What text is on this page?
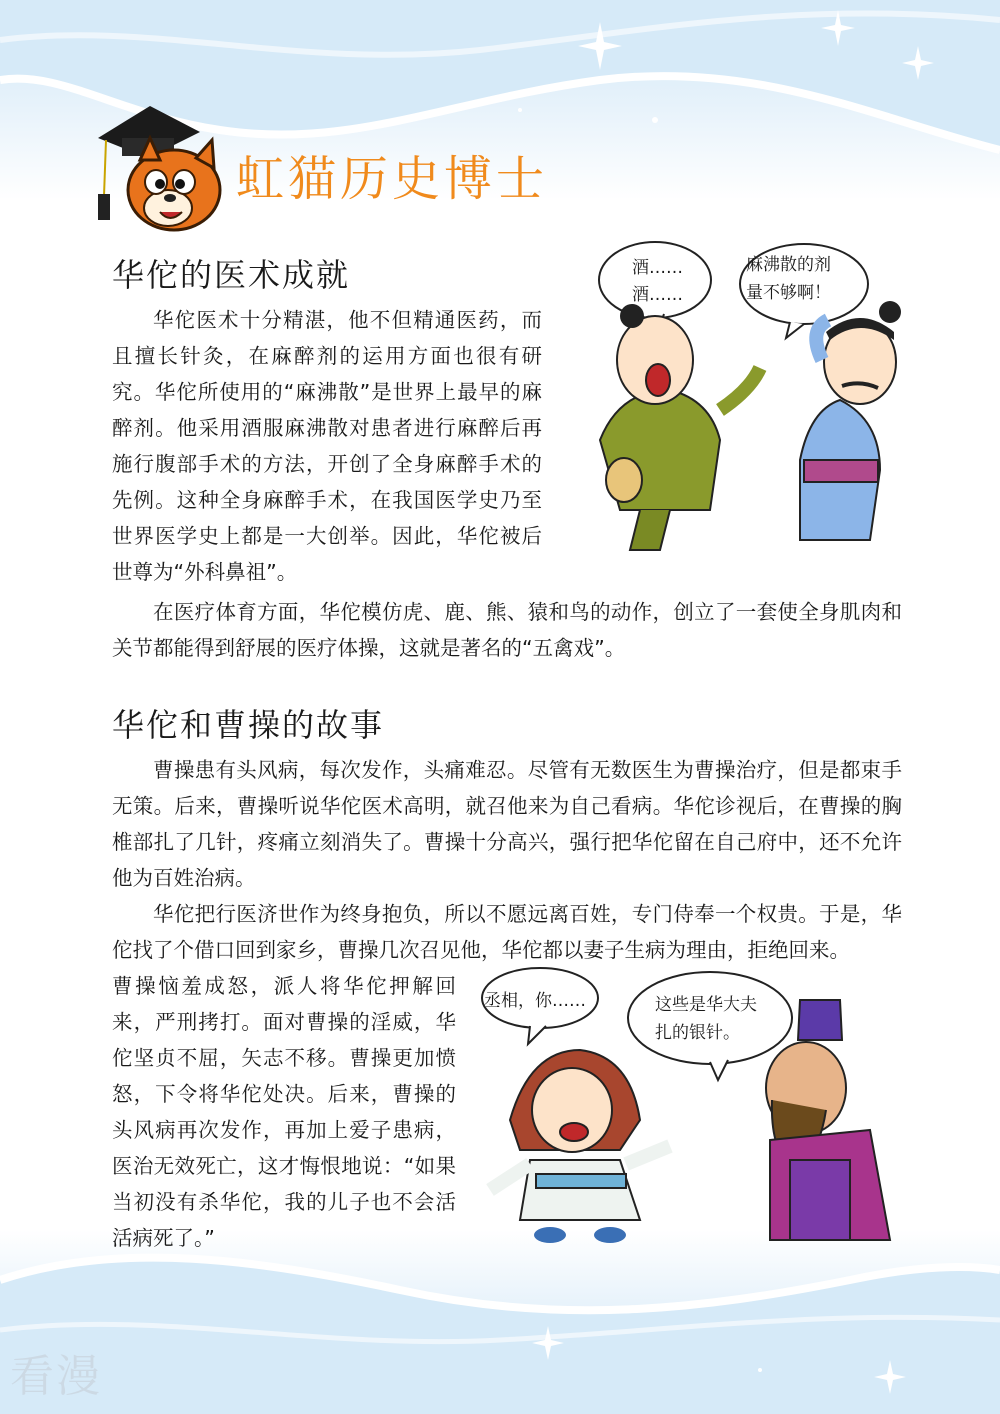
虹猫历史博士
华佗的医术成就

华佗医术十分精湛，他不但精通医药，而且擅长针灸，在麻醉剂的运用方面也很有研究。华佗所使用的“麻沸散”是世界上最早的麻醉剂。他采用酒服麻沸散对患者进行麻醉后再施行腹部手术的方法，开创了全身麻醉手术的先例。这种全身麻醉手术，在我国医学史乃至世界医学史上都是一大创举。因此，华佗被后世尊为“外科鼻祖”。

在医疗体育方面，华佗模仿虎、鹿、熊、猿和鸟的动作，创立了一套使全身肌肉和关节都能得到舒展的医疗体操，这就是著名的“五禽戏”。

酒……
酒……
麻沸散的剂
量不够啊！
华佗和曹操的故事

曹操患有头风病，每次发作，头痛难忍。尽管有无数医生为曹操治疗，但是都束手无策。后来，曹操听说华佗医术高明，就召他来为自己看病。华佗诊视后，在曹操的胸椎部扎了几针，疼痛立刻消失了。曹操十分高兴，强行把华佗留在自己府中，还不允许他为百姓治病。

华佗把行医济世作为终身抱负，所以不愿远离百姓，专门侍奉一个权贵。于是，华佗找了个借口回到家乡，曹操几次召见他，华佗都以妻子生病为理由，拒绝回来。

曹操恼羞成怒，派人将华佗押解回来，严刑拷打。面对曹操的淫威，华佗坚贞不屈，矢志不移。曹操更加愤怒，下令将华佗处决。后来，曹操的头风病再次发作，再加上爱子患病，医治无效死亡，这才悔恨地说：“如果当初没有杀华佗，我的儿子也不会活活病死了。”

丞相，你……	这些是华大夫
扎的银针。
看漫
